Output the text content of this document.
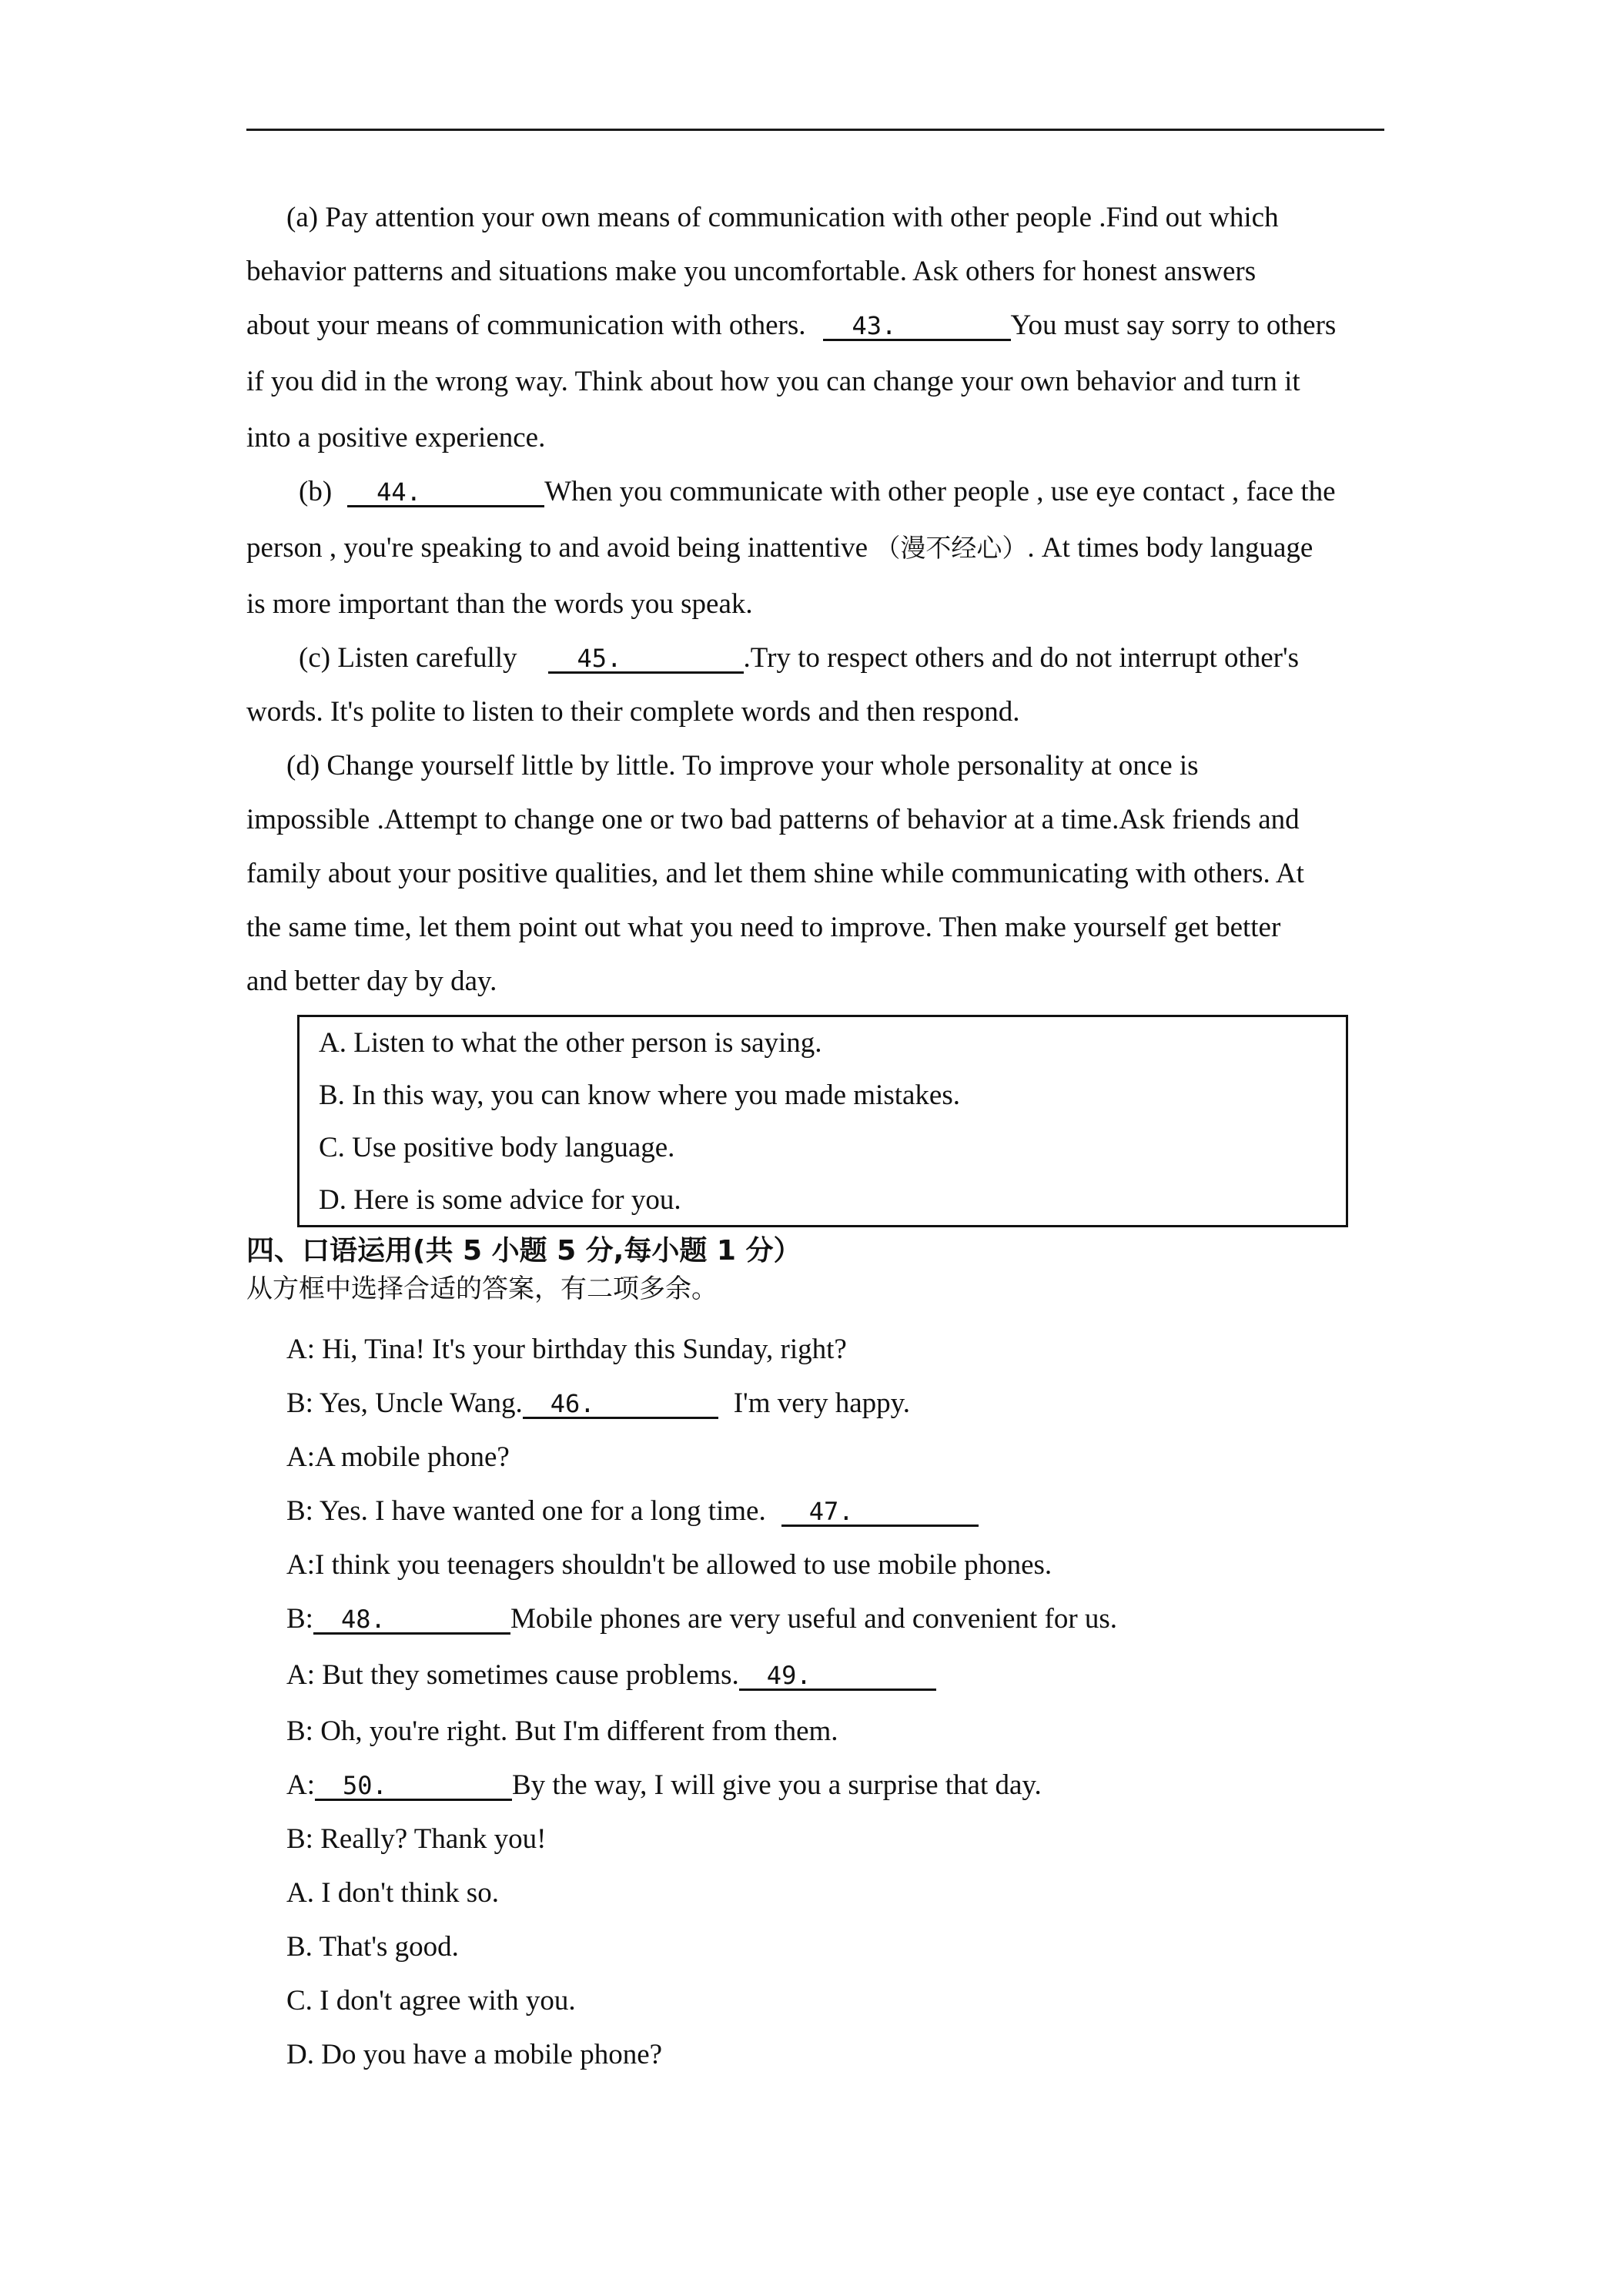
(a) Pay attention your own means of communication with other people .Find out which
behavior patterns and situations make you uncomfortable. Ask others for honest answers
about your means of communication with others. 43.	You must say sorry to others
if you did in the wrong way. Think about how you can change your own behavior and turn it
into a positive experience.
(b) 44.	When you communicate with other people , use eye contact , face the
person , you're speaking to and avoid being inattentive （漫不经心）. At times body language
is more important than the words you speak.
(c) Listen carefully 45.	.Try to respect others and do not interrupt other's
words. It's polite to listen to their complete words and then respond.
(d) Change yourself little by little. To improve your whole personality at once is
impossible .Attempt to change one or two bad patterns of behavior at a time.Ask friends and
family about your positive qualities, and let them shine while communicating with others. At
the same time, let them point out what you need to improve. Then make yourself get better
and better day by day.
A. Listen to what the other person is saying.
B. In this way, you can know where you made mistakes.
C. Use positive body language.
D. Here is some advice for you.
四、口语运用(共 5 小题 5 分,每小题 1 分）
从方框中选择合适的答案，有二项多余。
A: Hi, Tina! It's your birthday this Sunday, right?
B: Yes, Uncle Wang. 46.	I'm very happy.
A:A mobile phone?
B: Yes. I have wanted one for a long time. 47.
A:I think you teenagers shouldn't be allowed to use mobile phones.
B: 48.	Mobile phones are very useful and convenient for us.
A: But they sometimes cause problems. 49.
B: Oh, you're right. But I'm different from them.
A: 50.	By the way, I will give you a surprise that day.
B: Really? Thank you!
A. I don't think so.
B. That's good.
C. I don't agree with you.
D. Do you have a mobile phone?
